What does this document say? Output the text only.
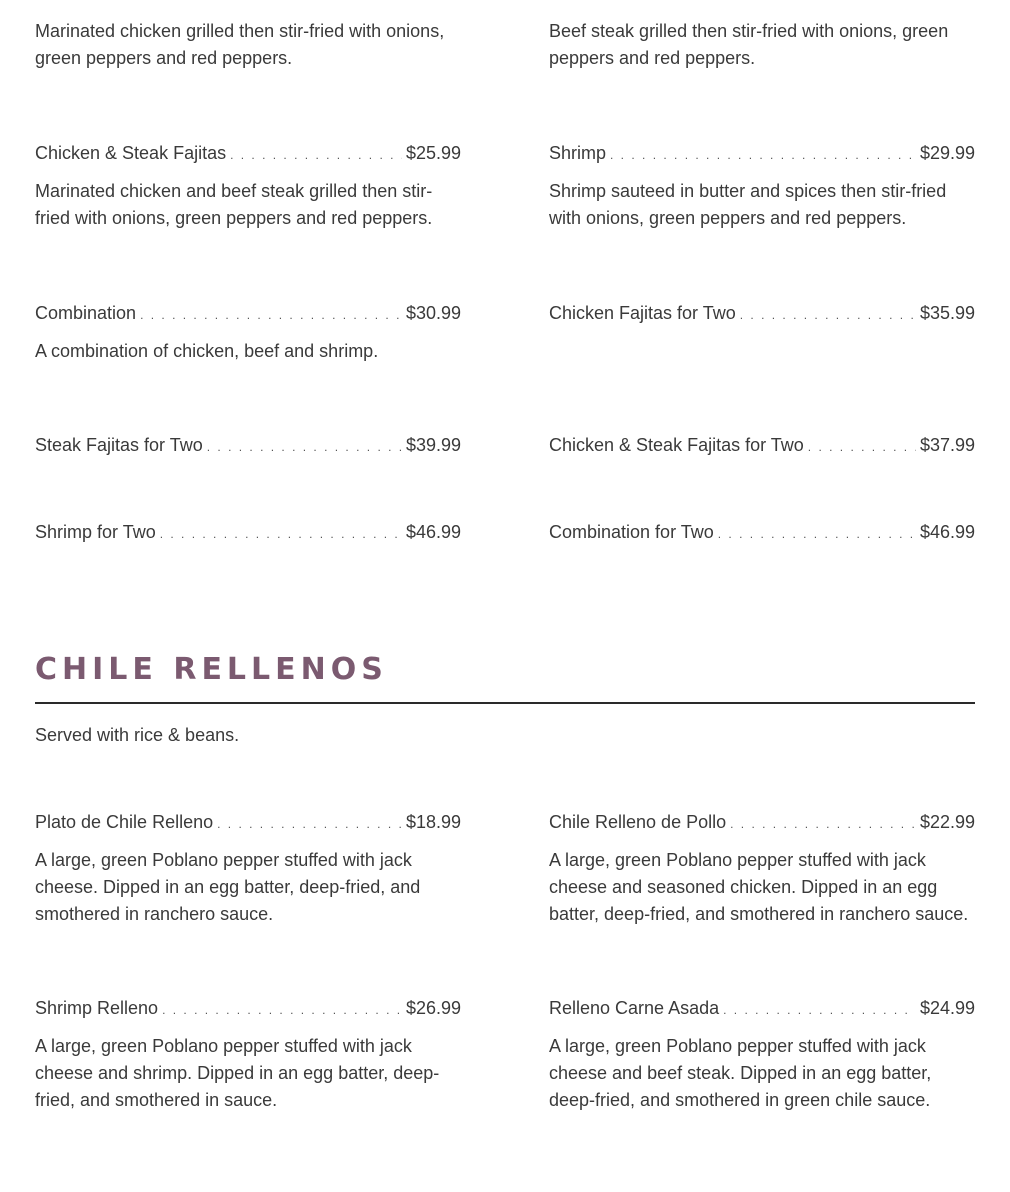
Marinated chicken grilled then stir-fried with onions, green peppers and red peppers.
Beef steak grilled then stir-fried with onions, green peppers and red peppers.
Chicken & Steak Fajitas . . .	$25.99
Marinated chicken and beef steak grilled then stir-fried with onions, green peppers and red peppers.
Shrimp . . .	$29.99
Shrimp sauteed in butter and spices then stir-fried with onions, green peppers and red peppers.
Combination . . .	$30.99
A combination of chicken, beef and shrimp.
Chicken Fajitas for Two . . .	$35.99
Steak Fajitas for Two . . .	$39.99	Chicken & Steak Fajitas for Two . . .	$37.99
Shrimp for Two . . .	$46.99	Combination for Two . . .	$46.99
CHILE RELLENOS
Served with rice & beans.
Plato de Chile Relleno . . .	$18.99
A large, green Poblano pepper stuffed with jack cheese. Dipped in an egg batter, deep-fried, and smothered in ranchero sauce.
Chile Relleno de Pollo . . .	$22.99
A large, green Poblano pepper stuffed with jack cheese and seasoned chicken. Dipped in an egg batter, deep-fried, and smothered in ranchero sauce.
Shrimp Relleno . . .	$26.99
A large, green Poblano pepper stuffed with jack cheese and shrimp. Dipped in an egg batter, deep-fried, and smothered in sauce.
Relleno Carne Asada . . .	$24.99
A large, green Poblano pepper stuffed with jack cheese and beef steak. Dipped in an egg batter, deep-fried, and smothered in green chile sauce.
